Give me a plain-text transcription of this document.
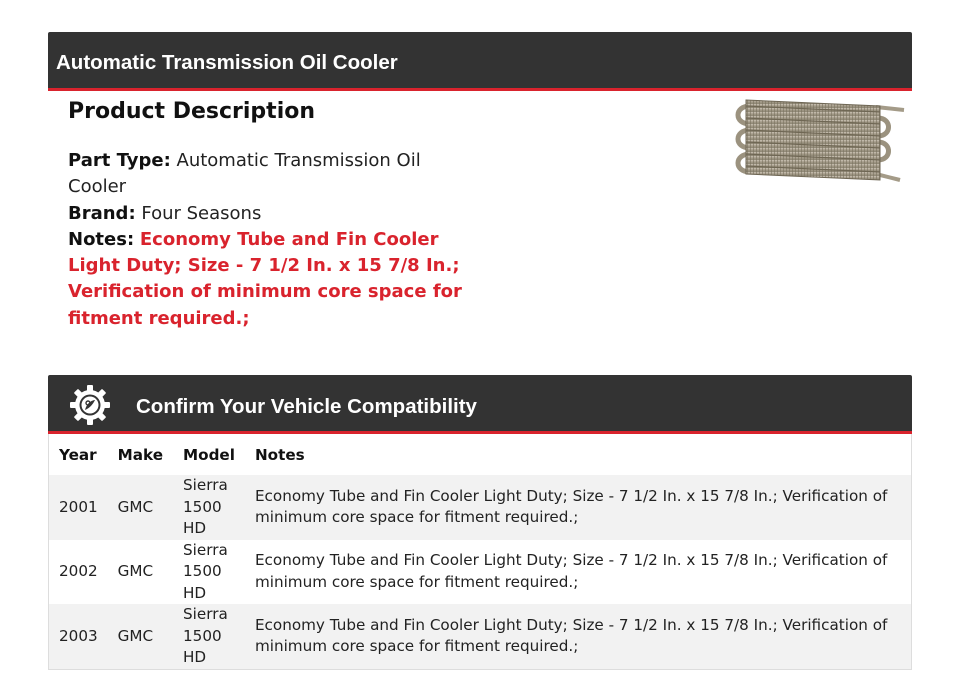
Automatic Transmission Oil Cooler
Product Description
Part Type: Automatic Transmission Oil Cooler
Brand: Four Seasons
Notes: Economy Tube and Fin Cooler Light Duty; Size - 7 1/2 In. x 15 7/8 In.; Verification of minimum core space for fitment required.;
Confirm Your Vehicle Compatibility
Year	Make	Model	Notes
2001	GMC	Sierra 1500 HD	Economy Tube and Fin Cooler Light Duty; Size - 7 1/2 In. x 15 7/8 In.; Verification of minimum core space for fitment required.;
2002	GMC	Sierra 1500 HD	Economy Tube and Fin Cooler Light Duty; Size - 7 1/2 In. x 15 7/8 In.; Verification of minimum core space for fitment required.;
2003	GMC	Sierra 1500 HD	Economy Tube and Fin Cooler Light Duty; Size - 7 1/2 In. x 15 7/8 In.; Verification of minimum core space for fitment required.;
